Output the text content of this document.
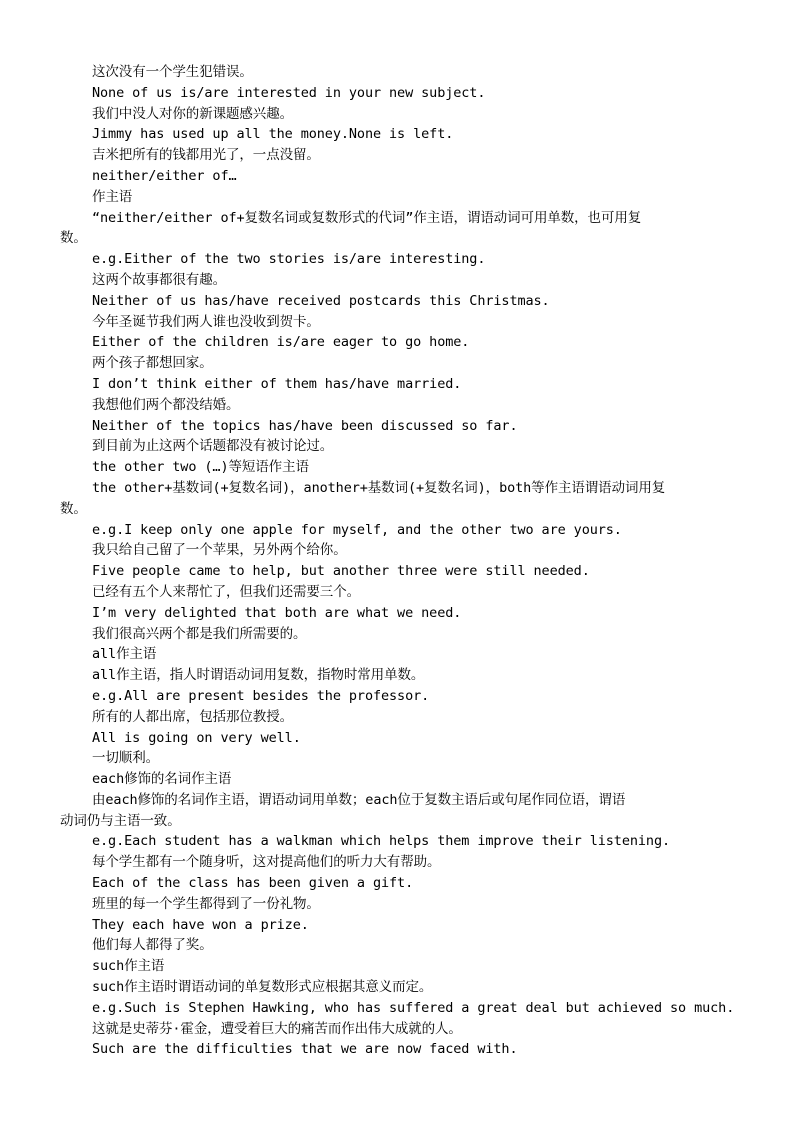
这次没有一个学生犯错误。
None of us is/are interested in your new subject.
我们中没人对你的新课题感兴趣。
Jimmy has used up all the money.None is left.
吉米把所有的钱都用光了，一点没留。
neither/either of…
作主语
“neither/either of+复数名词或复数形式的代词”作主语，谓语动词可用单数，也可用复
数。
e.g.Either of the two stories is/are interesting.
这两个故事都很有趣。
Neither of us has/have received postcards this Christmas.
今年圣诞节我们两人谁也没收到贺卡。
Either of the children is/are eager to go home.
两个孩子都想回家。
I don’t think either of them has/have married.
我想他们两个都没结婚。
Neither of the topics has/have been discussed so far.
到目前为止这两个话题都没有被讨论过。
the other two (…)等短语作主语
the other+基数词(+复数名词)，another+基数词(+复数名词)，both等作主语谓语动词用复
数。
e.g.I keep only one apple for myself, and the other two are yours.
我只给自己留了一个苹果，另外两个给你。
Five people came to help, but another three were still needed.
已经有五个人来帮忙了，但我们还需要三个。
I’m very delighted that both are what we need.
我们很高兴两个都是我们所需要的。
all作主语
all作主语，指人时谓语动词用复数，指物时常用单数。
e.g.All are present besides the professor.
所有的人都出席，包括那位教授。
All is going on very well.
一切顺利。
each修饰的名词作主语
由each修饰的名词作主语，谓语动词用单数；each位于复数主语后或句尾作同位语，谓语
动词仍与主语一致。
e.g.Each student has a walkman which helps them improve their listening.
每个学生都有一个随身听，这对提高他们的听力大有帮助。
Each of the class has been given a gift.
班里的每一个学生都得到了一份礼物。
They each have won a prize.
他们每人都得了奖。
such作主语
such作主语时谓语动词的单复数形式应根据其意义而定。
e.g.Such is Stephen Hawking, who has suffered a great deal but achieved so much.
这就是史蒂芬·霍金，遭受着巨大的痛苦而作出伟大成就的人。
Such are the difficulties that we are now faced with.
